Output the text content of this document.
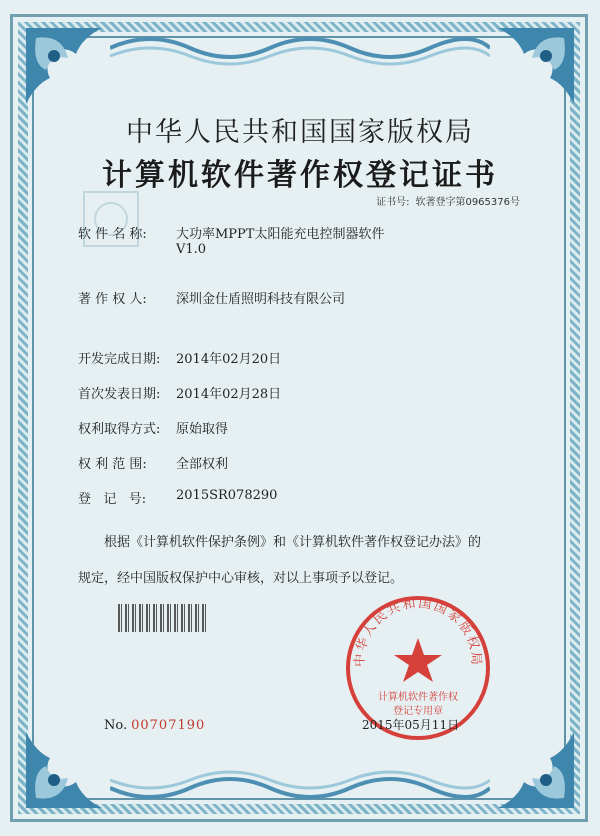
中华人民共和国国家版权局
计算机软件著作权登记证书
证书号: 软著登字第0965376号
软 件 名 称: 大功率MPPT太阳能充电控制器软件
V1.0
著 作 权 人: 深圳金仕盾照明科技有限公司
开发完成日期: 2014年02月20日
首次发表日期: 2014年02月28日
权利取得方式: 原始取得
权 利 范 围: 全部权利
登   记   号: 2015SR078290
根据《计算机软件保护条例》和《计算机软件著作权登记办法》的
规定，经中国版权保护中心审核，对以上事项予以登记。
No. 00707190
中华人民共和国国家版权局
计算机软件著作权
登记专用章
2015年05月11日
